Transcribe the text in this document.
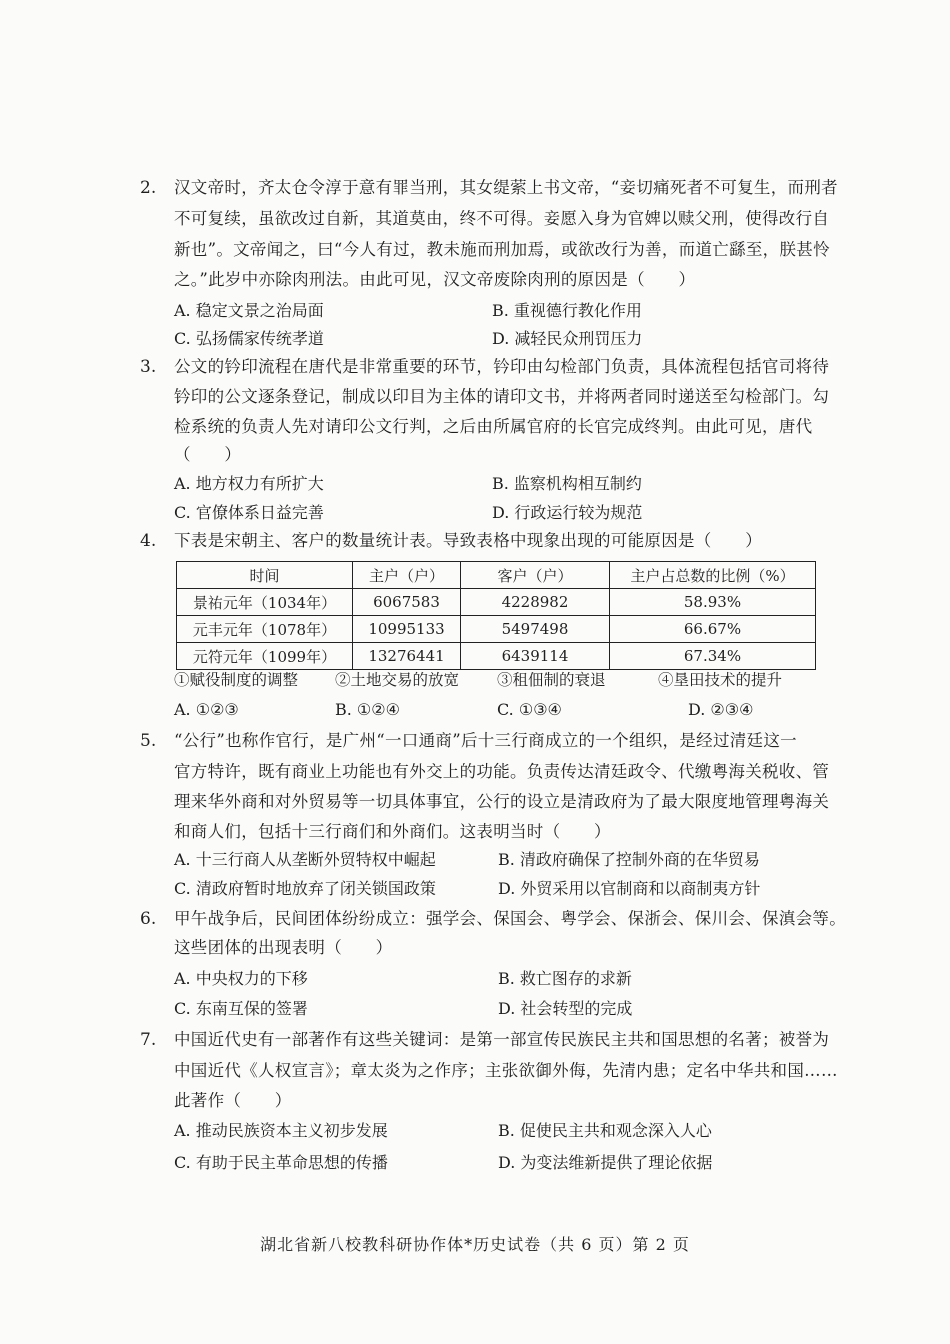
2. 汉文帝时，齐太仓令淳于意有罪当刑，其女缇萦上书文帝，“妾切痛死者不可复生，而刑者
不可复续，虽欲改过自新，其道莫由，终不可得。妾愿入身为官婢以赎父刑，使得改行自
新也”。文帝闻之，曰“今人有过，教未施而刑加焉，或欲改行为善，而道亡繇至，朕甚怜
之。”此岁中亦除肉刑法。由此可见，汉文帝废除肉刑的原因是（　　）
A. 稳定文景之治局面	B. 重视德行教化作用
C. 弘扬儒家传统孝道	D. 减轻民众刑罚压力
3. 公文的钤印流程在唐代是非常重要的环节，钤印由勾检部门负责，具体流程包括官司将待
钤印的公文逐条登记，制成以印目为主体的请印文书，并将两者同时递送至勾检部门。勾
检系统的负责人先对请印公文行判，之后由所属官府的长官完成终判。由此可见，唐代
（　　）
A. 地方权力有所扩大	B. 监察机构相互制约
C. 官僚体系日益完善	D. 行政运行较为规范
4. 下表是宋朝主、客户的数量统计表。导致表格中现象出现的可能原因是（　　）
时间	主户（户）	客户（户）	主户占总数的比例（%）
景祐元年（1034年）	6067583	4228982	58.93%
元丰元年（1078年）	10995133	5497498	66.67%
元符元年（1099年）	13276441	6439114	67.34%
①赋役制度的调整 ②土地交易的放宽 ③租佃制的衰退	④垦田技术的提升
A. ①②③	B. ①②④	C. ①③④	D. ②③④
5. “公行”也称作官行，是广州“一口通商”后十三行商成立的一个组织，是经过清廷这一
官方特许，既有商业上功能也有外交上的功能。负责传达清廷政令、代缴粤海关税收、管
理来华外商和对外贸易等一切具体事宜，公行的设立是清政府为了最大限度地管理粤海关
和商人们，包括十三行商们和外商们。这表明当时（　　）
A. 十三行商人从垄断外贸特权中崛起	B. 清政府确保了控制外商的在华贸易
C. 清政府暂时地放弃了闭关锁国政策	D. 外贸采用以官制商和以商制夷方针
6. 甲午战争后，民间团体纷纷成立：强学会、保国会、粤学会、保浙会、保川会、保滇会等。
这些团体的出现表明（　　）
A. 中央权力的下移	B. 救亡图存的求新
C. 东南互保的签署	D. 社会转型的完成
7. 中国近代史有一部著作有这些关键词：是第一部宣传民族民主共和国思想的名著；被誉为
中国近代《人权宣言》；章太炎为之作序；主张欲御外侮，先清内患；定名中华共和国……
此著作（　　）
A. 推动民族资本主义初步发展	B. 促使民主共和观念深入人心
C. 有助于民主革命思想的传播	D. 为变法维新提供了理论依据
湖北省新八校教科研协作体*历史试卷（共 6 页）第 2 页
